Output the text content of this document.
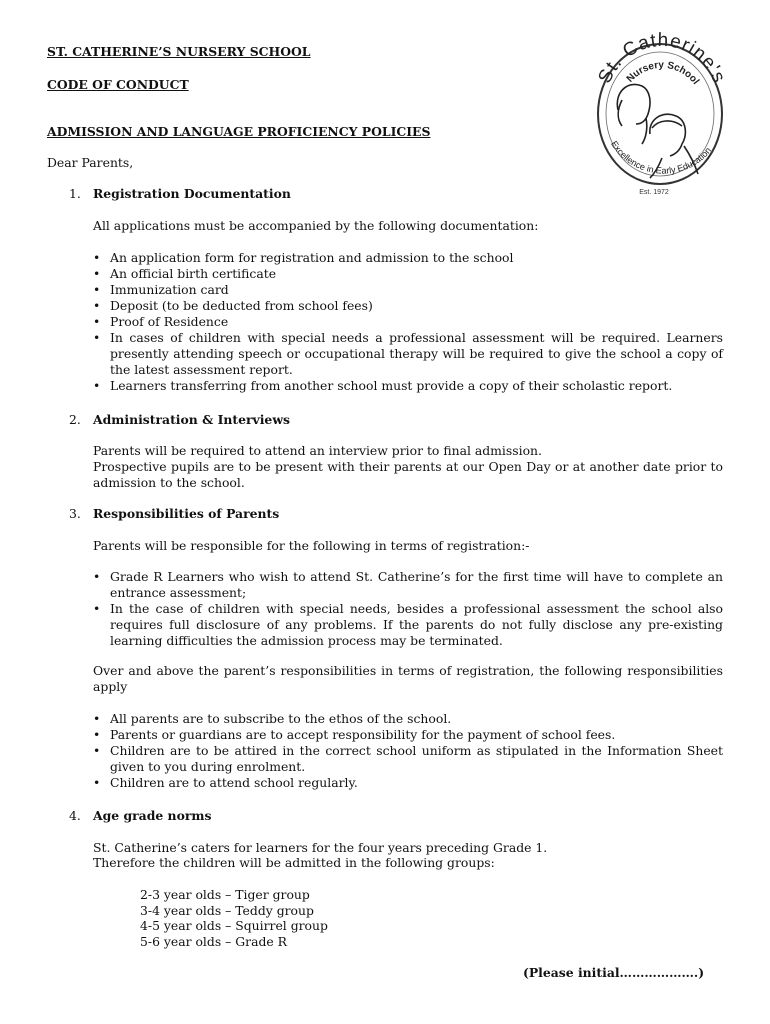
ST. CATHERINE’S NURSERY SCHOOL
CODE OF CONDUCT
ADMISSION AND LANGUAGE PROFICIENCY POLICIES
Dear Parents,
St. Catherine's
Nursery School
Excellence in Early Education
Est. 1972
1. Registration Documentation
All applications must be accompanied by the following documentation:
• An application form for registration and admission to the school
• An official birth certificate
• Immunization card
• Deposit (to be deducted from school fees)
• Proof of Residence
• In cases of children with special needs a professional assessment will be required. Learners presently attending speech or occupational therapy will be required to give the school a copy of the latest assessment report.
• Learners transferring from another school must provide a copy of their scholastic report.
2. Administration & Interviews
Parents will be required to attend an interview prior to final admission.
Prospective pupils are to be present with their parents at our Open Day or at another date prior to admission to the school.
3. Responsibilities of Parents
Parents will be responsible for the following in terms of registration:-
• Grade R Learners who wish to attend St. Catherine’s for the first time will have to complete an entrance assessment;
• In the case of children with special needs, besides a professional assessment the school also requires full disclosure of any problems. If the parents do not fully disclose any pre-existing learning difficulties the admission process may be terminated.
Over and above the parent’s responsibilities in terms of registration, the following responsibilities apply
• All parents are to subscribe to the ethos of the school.
• Parents or guardians are to accept responsibility for the payment of school fees.
• Children are to be attired in the correct school uniform as stipulated in the Information Sheet given to you during enrolment.
• Children are to attend school regularly.
4. Age grade norms
St. Catherine’s caters for learners for the four years preceding Grade 1.
Therefore the children will be admitted in the following groups:
2-3 year olds – Tiger group
3-4 year olds – Teddy group
4-5 year olds – Squirrel group
5-6 year olds – Grade R
(Please initial……………….)
